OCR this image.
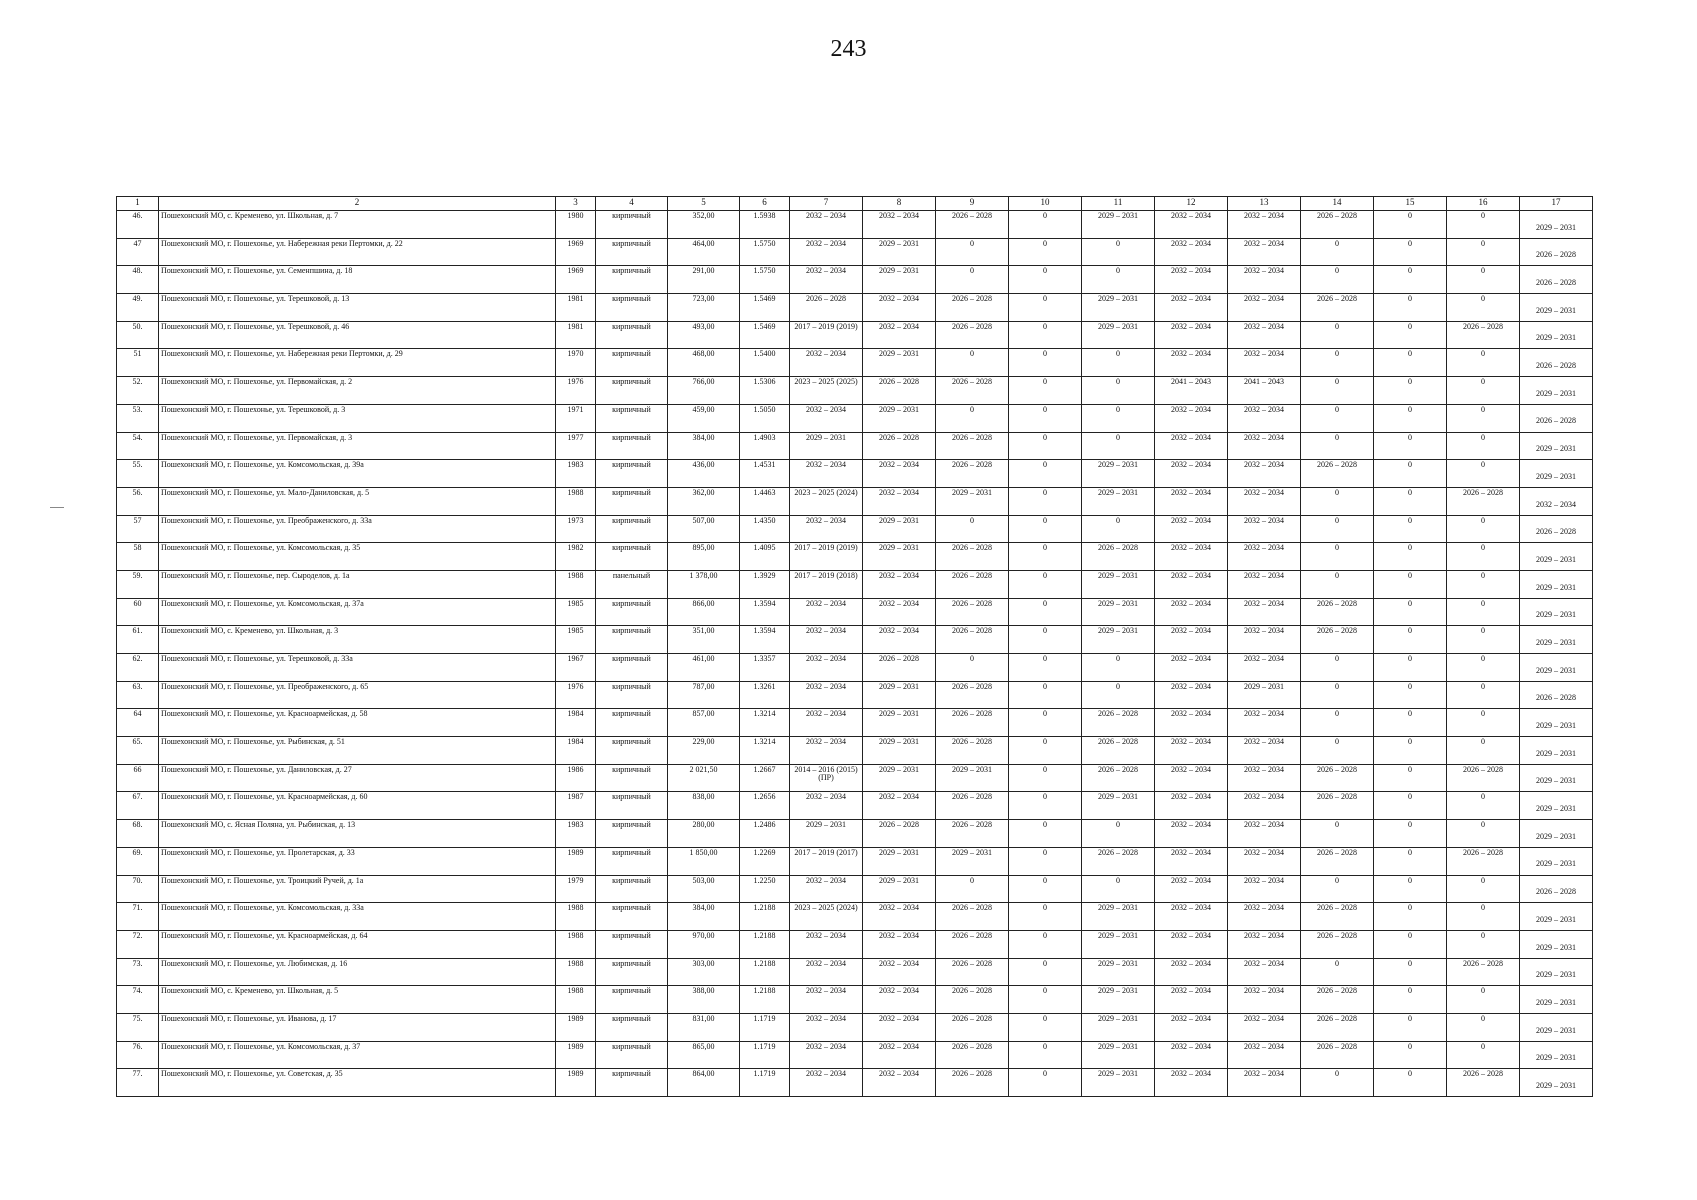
243
1	2	3	4	5	6	7	8	9	10	11	12	13	14	15	16	17
46.	Пошехонский МО, с. Кременево, ул. Школьная, д. 7	1980	кирпичный	352,00	1.5938	2032 – 2034	2032 – 2034	2026 – 2028	0	2029 – 2031	2032 – 2034	2032 – 2034	2026 – 2028	0	0	2029 – 2031
47	Пошехонский МО, г. Пошехонье, ул. Набережная реки Пертомки, д. 22	1969	кирпичный	464,00	1.5750	2032 – 2034	2029 – 2031	0	0	0	2032 – 2034	2032 – 2034	0	0	0	2026 – 2028
48.	Пошехонский МО, г. Пошехонье, ул. Семенпшина, д. 18	1969	кирпичный	291,00	1.5750	2032 – 2034	2029 – 2031	0	0	0	2032 – 2034	2032 – 2034	0	0	0	2026 – 2028
49.	Пошехонский МО, г. Пошехонье, ул. Терешковой, д. 13	1981	кирпичный	723,00	1.5469	2026 – 2028	2032 – 2034	2026 – 2028	0	2029 – 2031	2032 – 2034	2032 – 2034	2026 – 2028	0	0	2029 – 2031
50.	Пошехонский МО, г. Пошехонье, ул. Терешковой, д. 46	1981	кирпичный	493,00	1.5469	2017 – 2019 (2019)	2032 – 2034	2026 – 2028	0	2029 – 2031	2032 – 2034	2032 – 2034	0	0	2026 – 2028	2029 – 2031
51	Пошехонский МО, г. Пошехонье, ул. Набережная реки Пертомки, д. 29	1970	кирпичный	468,00	1.5400	2032 – 2034	2029 – 2031	0	0	0	2032 – 2034	2032 – 2034	0	0	0	2026 – 2028
52.	Пошехонский МО, г. Пошехонье, ул. Первомайская, д. 2	1976	кирпичный	766,00	1.5306	2023 – 2025 (2025)	2026 – 2028	2026 – 2028	0	0	2041 – 2043	2041 – 2043	0	0	0	2029 – 2031
53.	Пошехонский МО, г. Пошехонье, ул. Терешковой, д. 3	1971	кирпичный	459,00	1.5050	2032 – 2034	2029 – 2031	0	0	0	2032 – 2034	2032 – 2034	0	0	0	2026 – 2028
54.	Пошехонский МО, г. Пошехонье, ул. Первомайская, д. 3	1977	кирпичный	384,00	1.4903	2029 – 2031	2026 – 2028	2026 – 2028	0	0	2032 – 2034	2032 – 2034	0	0	0	2029 – 2031
55.	Пошехонский МО, г. Пошехонье, ул. Комсомольская, д. 39а	1983	кирпичный	436,00	1.4531	2032 – 2034	2032 – 2034	2026 – 2028	0	2029 – 2031	2032 – 2034	2032 – 2034	2026 – 2028	0	0	2029 – 2031
56.	Пошехонский МО, г. Пошехонье, ул. Мало-Даниловская, д. 5	1988	кирпичный	362,00	1.4463	2023 – 2025 (2024)	2032 – 2034	2029 – 2031	0	2029 – 2031	2032 – 2034	2032 – 2034	0	0	2026 – 2028	2032 – 2034
57	Пошехонский МО, г. Пошехонье, ул. Преображенского, д. 33а	1973	кирпичный	507,00	1.4350	2032 – 2034	2029 – 2031	0	0	0	2032 – 2034	2032 – 2034	0	0	0	2026 – 2028
58	Пошехонский МО, г. Пошехонье, ул. Комсомольская, д. 35	1982	кирпичный	895,00	1.4095	2017 – 2019 (2019)	2029 – 2031	2026 – 2028	0	2026 – 2028	2032 – 2034	2032 – 2034	0	0	0	2029 – 2031
59.	Пошехонский МО, г. Пошехонье, пер. Сыроделов, д. 1а	1988	панельный	1 378,00	1.3929	2017 – 2019 (2018)	2032 – 2034	2026 – 2028	0	2029 – 2031	2032 – 2034	2032 – 2034	0	0	0	2029 – 2031
60	Пошехонский МО, г. Пошехонье, ул. Комсомольская, д. 37а	1985	кирпичный	866,00	1.3594	2032 – 2034	2032 – 2034	2026 – 2028	0	2029 – 2031	2032 – 2034	2032 – 2034	2026 – 2028	0	0	2029 – 2031
61.	Пошехонский МО, с. Кременево, ул. Школьная, д. 3	1985	кирпичный	351,00	1.3594	2032 – 2034	2032 – 2034	2026 – 2028	0	2029 – 2031	2032 – 2034	2032 – 2034	2026 – 2028	0	0	2029 – 2031
62.	Пошехонский МО, г. Пошехонье, ул. Терешковой, д. 33а	1967	кирпичный	461,00	1.3357	2032 – 2034	2026 – 2028	0	0	0	2032 – 2034	2032 – 2034	0	0	0	2029 – 2031
63.	Пошехонский МО, г. Пошехонье, ул. Преображенского, д. 65	1976	кирпичный	787,00	1.3261	2032 – 2034	2029 – 2031	2026 – 2028	0	0	2032 – 2034	2029 – 2031	0	0	0	2026 – 2028
64	Пошехонский МО, г. Пошехонье, ул. Красноармейская, д. 58	1984	кирпичный	857,00	1.3214	2032 – 2034	2029 – 2031	2026 – 2028	0	2026 – 2028	2032 – 2034	2032 – 2034	0	0	0	2029 – 2031
65.	Пошехонский МО, г. Пошехонье, ул. Рыбинская, д. 51	1984	кирпичный	229,00	1.3214	2032 – 2034	2029 – 2031	2026 – 2028	0	2026 – 2028	2032 – 2034	2032 – 2034	0	0	0	2029 – 2031
66	Пошехонский МО, г. Пошехонье, ул. Даниловская, д. 27	1986	кирпичный	2 021,50	1.2667	2014 – 2016 (2015) (ПР)	2029 – 2031	2029 – 2031	0	2026 – 2028	2032 – 2034	2032 – 2034	2026 – 2028	0	2026 – 2028	2029 – 2031
67.	Пошехонский МО, г. Пошехонье, ул. Красноармейская, д. 60	1987	кирпичный	838,00	1.2656	2032 – 2034	2032 – 2034	2026 – 2028	0	2029 – 2031	2032 – 2034	2032 – 2034	2026 – 2028	0	0	2029 – 2031
68.	Пошехонский МО, с. Ясная Поляна, ул. Рыбинская, д. 13	1983	кирпичный	280,00	1.2486	2029 – 2031	2026 – 2028	2026 – 2028	0	0	2032 – 2034	2032 – 2034	0	0	0	2029 – 2031
69.	Пошехонский МО, г. Пошехонье, ул. Пролетарская, д. 33	1989	кирпичный	1 850,00	1.2269	2017 – 2019 (2017)	2029 – 2031	2029 – 2031	0	2026 – 2028	2032 – 2034	2032 – 2034	2026 – 2028	0	2026 – 2028	2029 – 2031
70.	Пошехонский МО, г. Пошехонье, ул. Троицкий Ручей, д. 1а	1979	кирпичный	503,00	1.2250	2032 – 2034	2029 – 2031	0	0	0	2032 – 2034	2032 – 2034	0	0	0	2026 – 2028
71.	Пошехонский МО, г. Пошехонье, ул. Комсомольская, д. 33а	1988	кирпичный	384,00	1.2188	2023 – 2025 (2024)	2032 – 2034	2026 – 2028	0	2029 – 2031	2032 – 2034	2032 – 2034	2026 – 2028	0	0	2029 – 2031
72.	Пошехонский МО, г. Пошехонье, ул. Красноармейская, д. 64	1988	кирпичный	970,00	1.2188	2032 – 2034	2032 – 2034	2026 – 2028	0	2029 – 2031	2032 – 2034	2032 – 2034	2026 – 2028	0	0	2029 – 2031
73.	Пошехонский МО, г. Пошехонье, ул. Любимская, д. 16	1988	кирпичный	303,00	1.2188	2032 – 2034	2032 – 2034	2026 – 2028	0	2029 – 2031	2032 – 2034	2032 – 2034	0	0	2026 – 2028	2029 – 2031
74.	Пошехонский МО, с. Кременево, ул. Школьная, д. 5	1988	кирпичный	388,00	1.2188	2032 – 2034	2032 – 2034	2026 – 2028	0	2029 – 2031	2032 – 2034	2032 – 2034	2026 – 2028	0	0	2029 – 2031
75.	Пошехонский МО, г. Пошехонье, ул. Иванова, д. 17	1989	кирпичный	831,00	1.1719	2032 – 2034	2032 – 2034	2026 – 2028	0	2029 – 2031	2032 – 2034	2032 – 2034	2026 – 2028	0	0	2029 – 2031
76.	Пошехонский МО, г. Пошехонье, ул. Комсомольская, д. 37	1989	кирпичный	865,00	1.1719	2032 – 2034	2032 – 2034	2026 – 2028	0	2029 – 2031	2032 – 2034	2032 – 2034	2026 – 2028	0	0	2029 – 2031
77.	Пошехонский МО, г. Пошехонье, ул. Советская, д. 35	1989	кирпичный	864,00	1.1719	2032 – 2034	2032 – 2034	2026 – 2028	0	2029 – 2031	2032 – 2034	2032 – 2034	0	0	2026 – 2028	2029 – 2031
